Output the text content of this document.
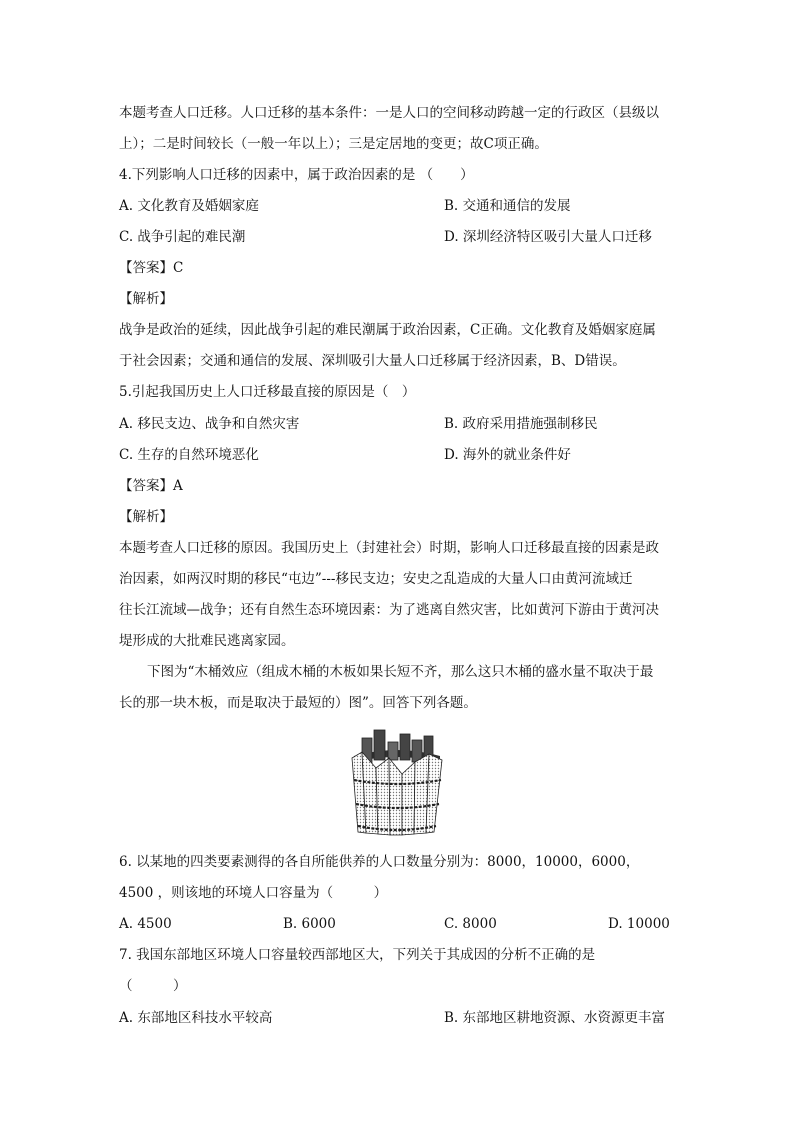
本题考查人口迁移。人口迁移的基本条件：一是人口的空间移动跨越一定的行政区（县级以
上）；二是时间较长（一般一年以上）；三是定居地的变更；故C项正确。
4.下列影响人口迁移的因素中，属于政治因素的是 （　　）
A. 文化教育及婚姻家庭	B. 交通和通信的发展
C. 战争引起的难民潮	D. 深圳经济特区吸引大量人口迁移
【答案】C
【解析】
战争是政治的延续，因此战争引起的难民潮属于政治因素，C正确。文化教育及婚姻家庭属
于社会因素；交通和通信的发展、深圳吸引大量人口迁移属于经济因素，B、D错误。
5.引起我国历史上人口迁移最直接的原因是（　）
A. 移民支边、战争和自然灾害	B. 政府采用措施强制移民
C. 生存的自然环境恶化	D. 海外的就业条件好
【答案】A
【解析】
本题考查人口迁移的原因。我国历史上（封建社会）时期，影响人口迁移最直接的因素是政
治因素，如两汉时期的移民“屯边”---移民支边；安史之乱造成的大量人口由黄河流域迁
往长江流域—战争；还有自然生态环境因素：为了逃离自然灾害，比如黄河下游由于黄河决
堤形成的大批难民逃离家园。
下图为“木桶效应（组成木桶的木板如果长短不齐，那么这只木桶的盛水量不取决于最
长的那一块木板，而是取决于最短的）图”。回答下列各题。
6. 以某地的四类要素测得的各自所能供养的人口数量分别为：8000，10000，6000，
4500 ，则该地的环境人口容量为（　　　）
A. 4500	B. 6000	C. 8000	D. 10000
7. 我国东部地区环境人口容量较西部地区大，下列关于其成因的分析不正确的是
（　　　）
A. 东部地区科技水平较高	B. 东部地区耕地资源、水资源更丰富
